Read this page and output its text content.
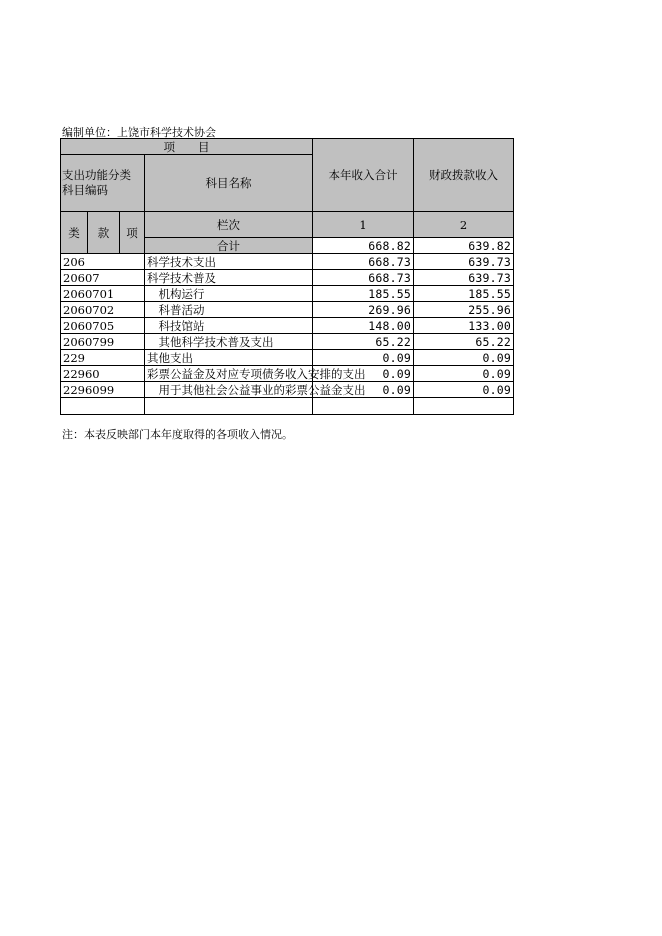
编制单位：上饶市科学技术协会
项　　目				本年收入合计	财政拨款收入
支出功能分类科目编码			科目名称		

类	款	项	栏次	1	2
			合计	668.82	639.82
206			科学技术支出	668.73	639.73
20607			科学技术普及	668.73	639.73
2060701			　机构运行	185.55	185.55
2060702			　科普活动	269.96	255.96
2060705			　科技馆站	148.00	133.00
2060799			　其他科学技术普及支出	65.22	65.22
229			其他支出	0.09	0.09
22960			彩票公益金及对应专项债务收入安排的支出	0.09	0.09
2296099			　用于其他社会公益事业的彩票公益金支出	0.09	0.09

注：本表反映部门本年度取得的各项收入情况。
